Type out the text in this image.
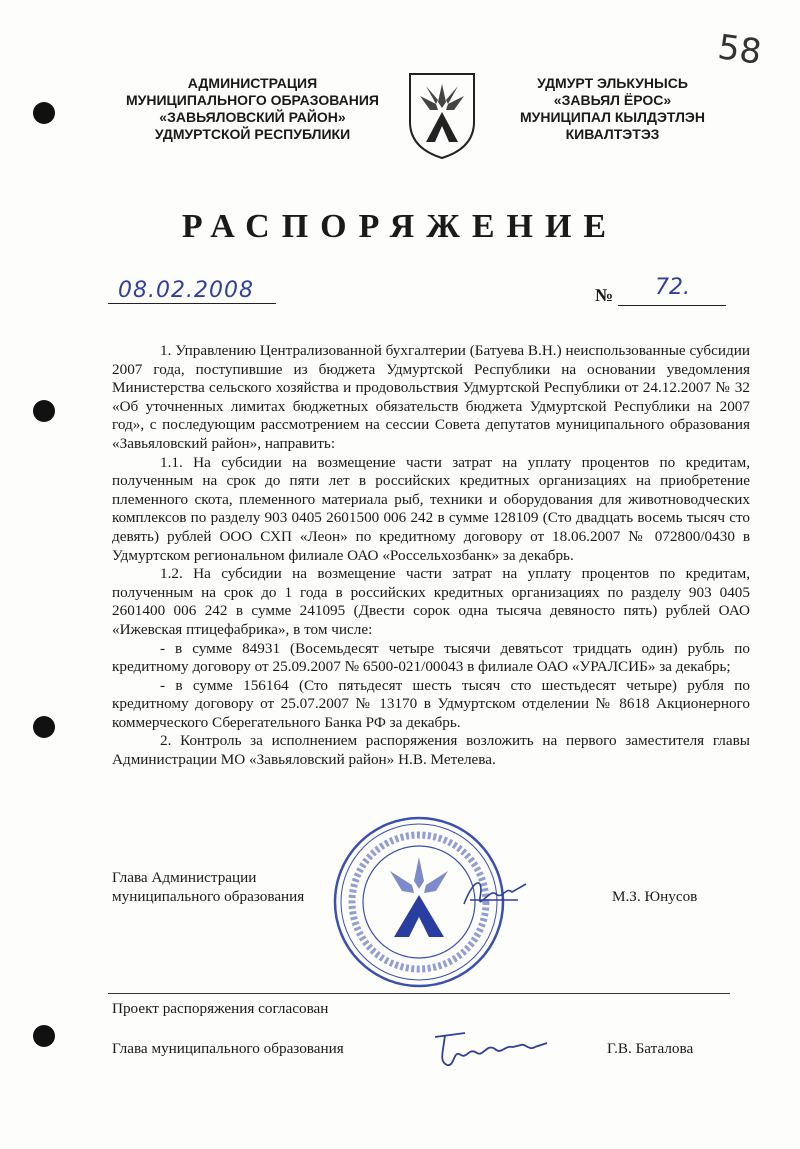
58
АДМИНИСТРАЦИЯ
МУНИЦИПАЛЬНОГО ОБРАЗОВАНИЯ
«ЗАВЬЯЛОВСКИЙ РАЙОН»
УДМУРТСКОЙ РЕСПУБЛИКИ
УДМУРТ ЭЛЬКУНЫСЬ
«ЗАВЬЯЛ ЁРОС»
МУНИЦИПАЛ КЫЛДЭТЛЭН
КИВАЛТЭТЭЗ
РАСПОРЯЖЕНИЕ
08.02.2008	№ 72.

1. Управлению Централизованной бухгалтерии (Батуева В.Н.) неиспользованные субсидии 2007 года, поступившие из бюджета Удмуртской Республики на основании уведомления Министерства сельского хозяйства и продовольствия Удмуртской Республики от 24.12.2007 № 32 «Об уточненных лимитах бюджетных обязательств бюджета Удмуртской Республики на 2007 год», с последующим рассмотрением на сессии Совета депутатов муниципального образования «Завьяловский район», направить:

1.1. На субсидии на возмещение части затрат на уплату процентов по кредитам, полученным на срок до пяти лет в российских кредитных организациях на приобретение племенного скота, племенного материала рыб, техники и оборудования для животноводческих комплексов по разделу 903 0405 2601500 006 242 в сумме 128109 (Сто двадцать восемь тысяч сто девять) рублей ООО СХП «Леон» по кредитному договору от 18.06.2007 № 072800/0430 в Удмуртском региональном филиале ОАО «Россельхозбанк» за декабрь.

1.2. На субсидии на возмещение части затрат на уплату процентов по кредитам, полученным на срок до 1 года в российских кредитных организациях по разделу 903 0405 2601400 006 242 в сумме 241095 (Двести сорок одна тысяча девяносто пять) рублей ОАО «Ижевская птицефабрика», в том числе:

- в сумме 84931 (Восемьдесят четыре тысячи девятьсот тридцать один) рубль по кредитному договору от 25.09.2007 № 6500-021/00043 в филиале ОАО «УРАЛСИБ» за декабрь;

- в сумме 156164 (Сто пятьдесят шесть тысяч сто шестьдесят четыре) рубля по кредитному договору от 25.07.2007 № 13170 в Удмуртском отделении № 8618 Акционерного коммерческого Сберегательного Банка РФ за декабрь.

2. Контроль за исполнением распоряжения возложить на первого заместителя главы Администрации МО «Завьяловский район» Н.В. Метелева.

Глава Администрации
муниципального образования	М.З. Юнусов
Проект распоряжения согласован
Глава муниципального образования	Г.В. Баталова
